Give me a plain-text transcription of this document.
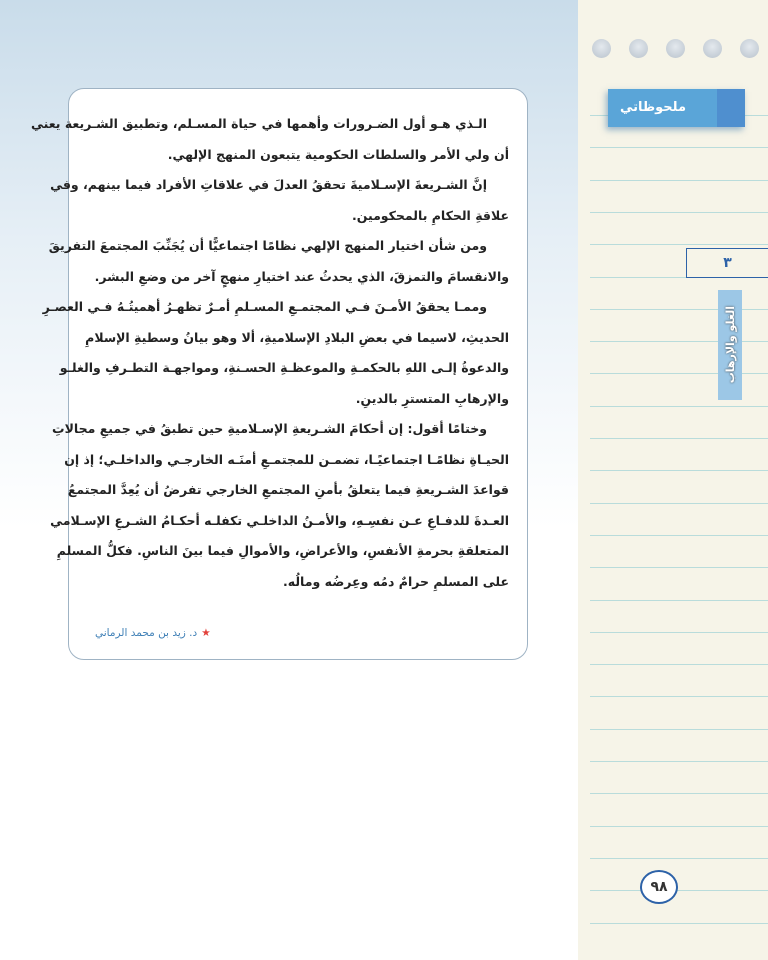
الـذي هـو أول الضـرورات وأهمها في حياة المسـلم، وتطبيق الشـريعة يعني
أن ولي الأمر والسلطات الحكومية يتبعون المنهج الإلهي.
إنَّ الشـريعةَ الإسـلاميةَ تحققُ العدلَ في علاقاتِ الأفراد فيما بينهم، وفي
علاقةِ الحكامِ بالمحكومين.
ومن شأن اختيار المنهج الإلهي نظامًا اجتماعيًّا أن يُجَنِّبَ المجتمعَ التفريقَ
والانقسامَ والتمزقَ، الذي يحدثُ عند اختيارِ منهجٍ آخر من وضعِ البشر.
وممـا يحققُ الأمـنَ فـي المجتمـعِ المسـلمِ أمـرٌ تظهـرُ أهميتُـهُ فـي العصـرِ
الحديثِ، لاسيما في بعضِ البلادِ الإسلاميةِ، ألا وهو بيانُ وسطيةِ الإسلامِ
والدعوةُ إلـى اللهِ بالحكمـةِ والموعظـةِ الحسـنةِ، ومواجهـة التطـرفِ والغلـو
والإرهابِ المتسترِ بالدينِ.
وختامًا أقول: إن أحكامَ الشـريعةِ الإسـلاميةِ حين تطبقُ في جميعِ مجالاتِ
الحيـاةِ نظامًـا اجتماعيًـا، تضمـن للمجتمـعِ أمنَـه الخارجـي والداخلـي؛ إذ إن
قواعدَ الشـريعةِ فيما يتعلقُ بأمنِ المجتمعِ الخارجي تفرضُ أن يُعِدَّ المجتمعُ
العـدةَ للدفـاعِ عـن نفسِـهِ، والأمـنُ الداخلـي تكفلـه أحكـامُ الشـرعِ الإسـلامي
المتعلقةِ بحرمةِ الأنفسِ، والأعراضِ، والأموالِ فيما بينَ الناسِ. فكلُّ المسلمِ
على المسلمِ حرامٌ دمُه وعِرضُه ومالُه.
★د. زيد بن محمد الرماني
ملحوظاتي
٣
الغلو والإرهاب
٩٨
